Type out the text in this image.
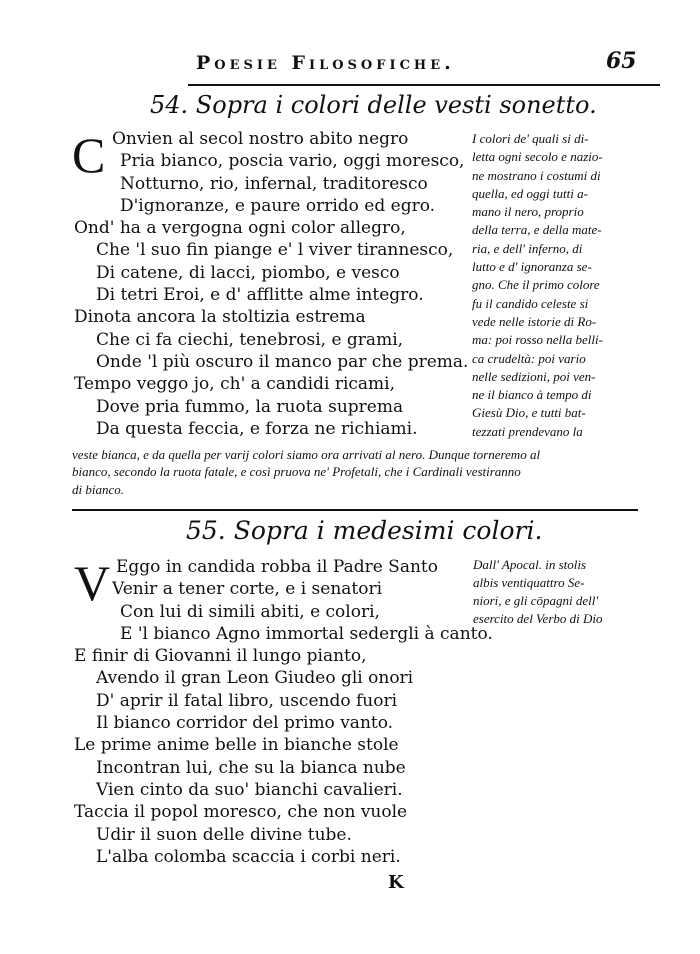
Poesie Filosofiche.	65
54. Sopra i colori delle vesti sonetto.
C Onvien al secol nostro abito negro
Pria bianco, poscia vario, oggi moresco,
Notturno, rio, infernal, traditoresco
D'ignoranze, e paure orrido ed egro.
Ond' ha a vergogna ogni color allegro,
Che 'l suo fin piange e' l viver tirannesco,
Di catene, di lacci, piombo, e vesco
Di tetri Eroi, e d' afflitte alme integro.
Dinota ancora la stoltizia estrema
Che ci fa ciechi, tenebrosi, e grami,
Onde 'l più oscuro il manco par che prema.
Tempo veggo jo, ch' a candidi ricami,
Dove pria fummo, la ruota suprema
Da questa feccia, e forza ne richiami.
I colori de' quali si di-
letta ogni secolo e nazio-
ne mostrano i costumi di
quella, ed oggi tutti a-
mano il nero, proprio
della terra, e della mate-
ria, e dell' inferno, di
lutto e d' ignoranza se-
gno. Che il primo colore
fu il candido celeste si
vede nelle istorie di Ro-
ma: poi rosso nella belli-
ca crudeltà: poi vario
nelle sedizioni, poi ven-
ne il bianco à tempo di
Giesù Dio, e tutti bat-
tezzati prendevano la
veste bianca, e da quella per varij colori siamo ora arrivati al nero. Dunque torneremo al
bianco, secondo la ruota fatale, e così pruova ne' Profetali, che i Cardinali vestiranno
di bianco.
55. Sopra i medesimi colori.
V Eggo in candida robba il Padre Santo
Venir a tener corte, e i senatori
Con lui di simili abiti, e colori,
E 'l bianco Agno immortal sedergli à canto.
E finir di Giovanni il lungo pianto,
Avendo il gran Leon Giudeo gli onori
D' aprir il fatal libro, uscendo fuori
Il bianco corridor del primo vanto.
Le prime anime belle in bianche stole
Incontran lui, che su la bianca nube
Vien cinto da suo' bianchi cavalieri.
Taccia il popol moresco, che non vuole
Udir il suon delle divine tube.
L'alba colomba scaccia i corbi neri.
Dall' Apocal. in stolis
albis ventiquattro Se-
niori, e gli cōpagni dell'
esercito del Verbo di Dio
K
